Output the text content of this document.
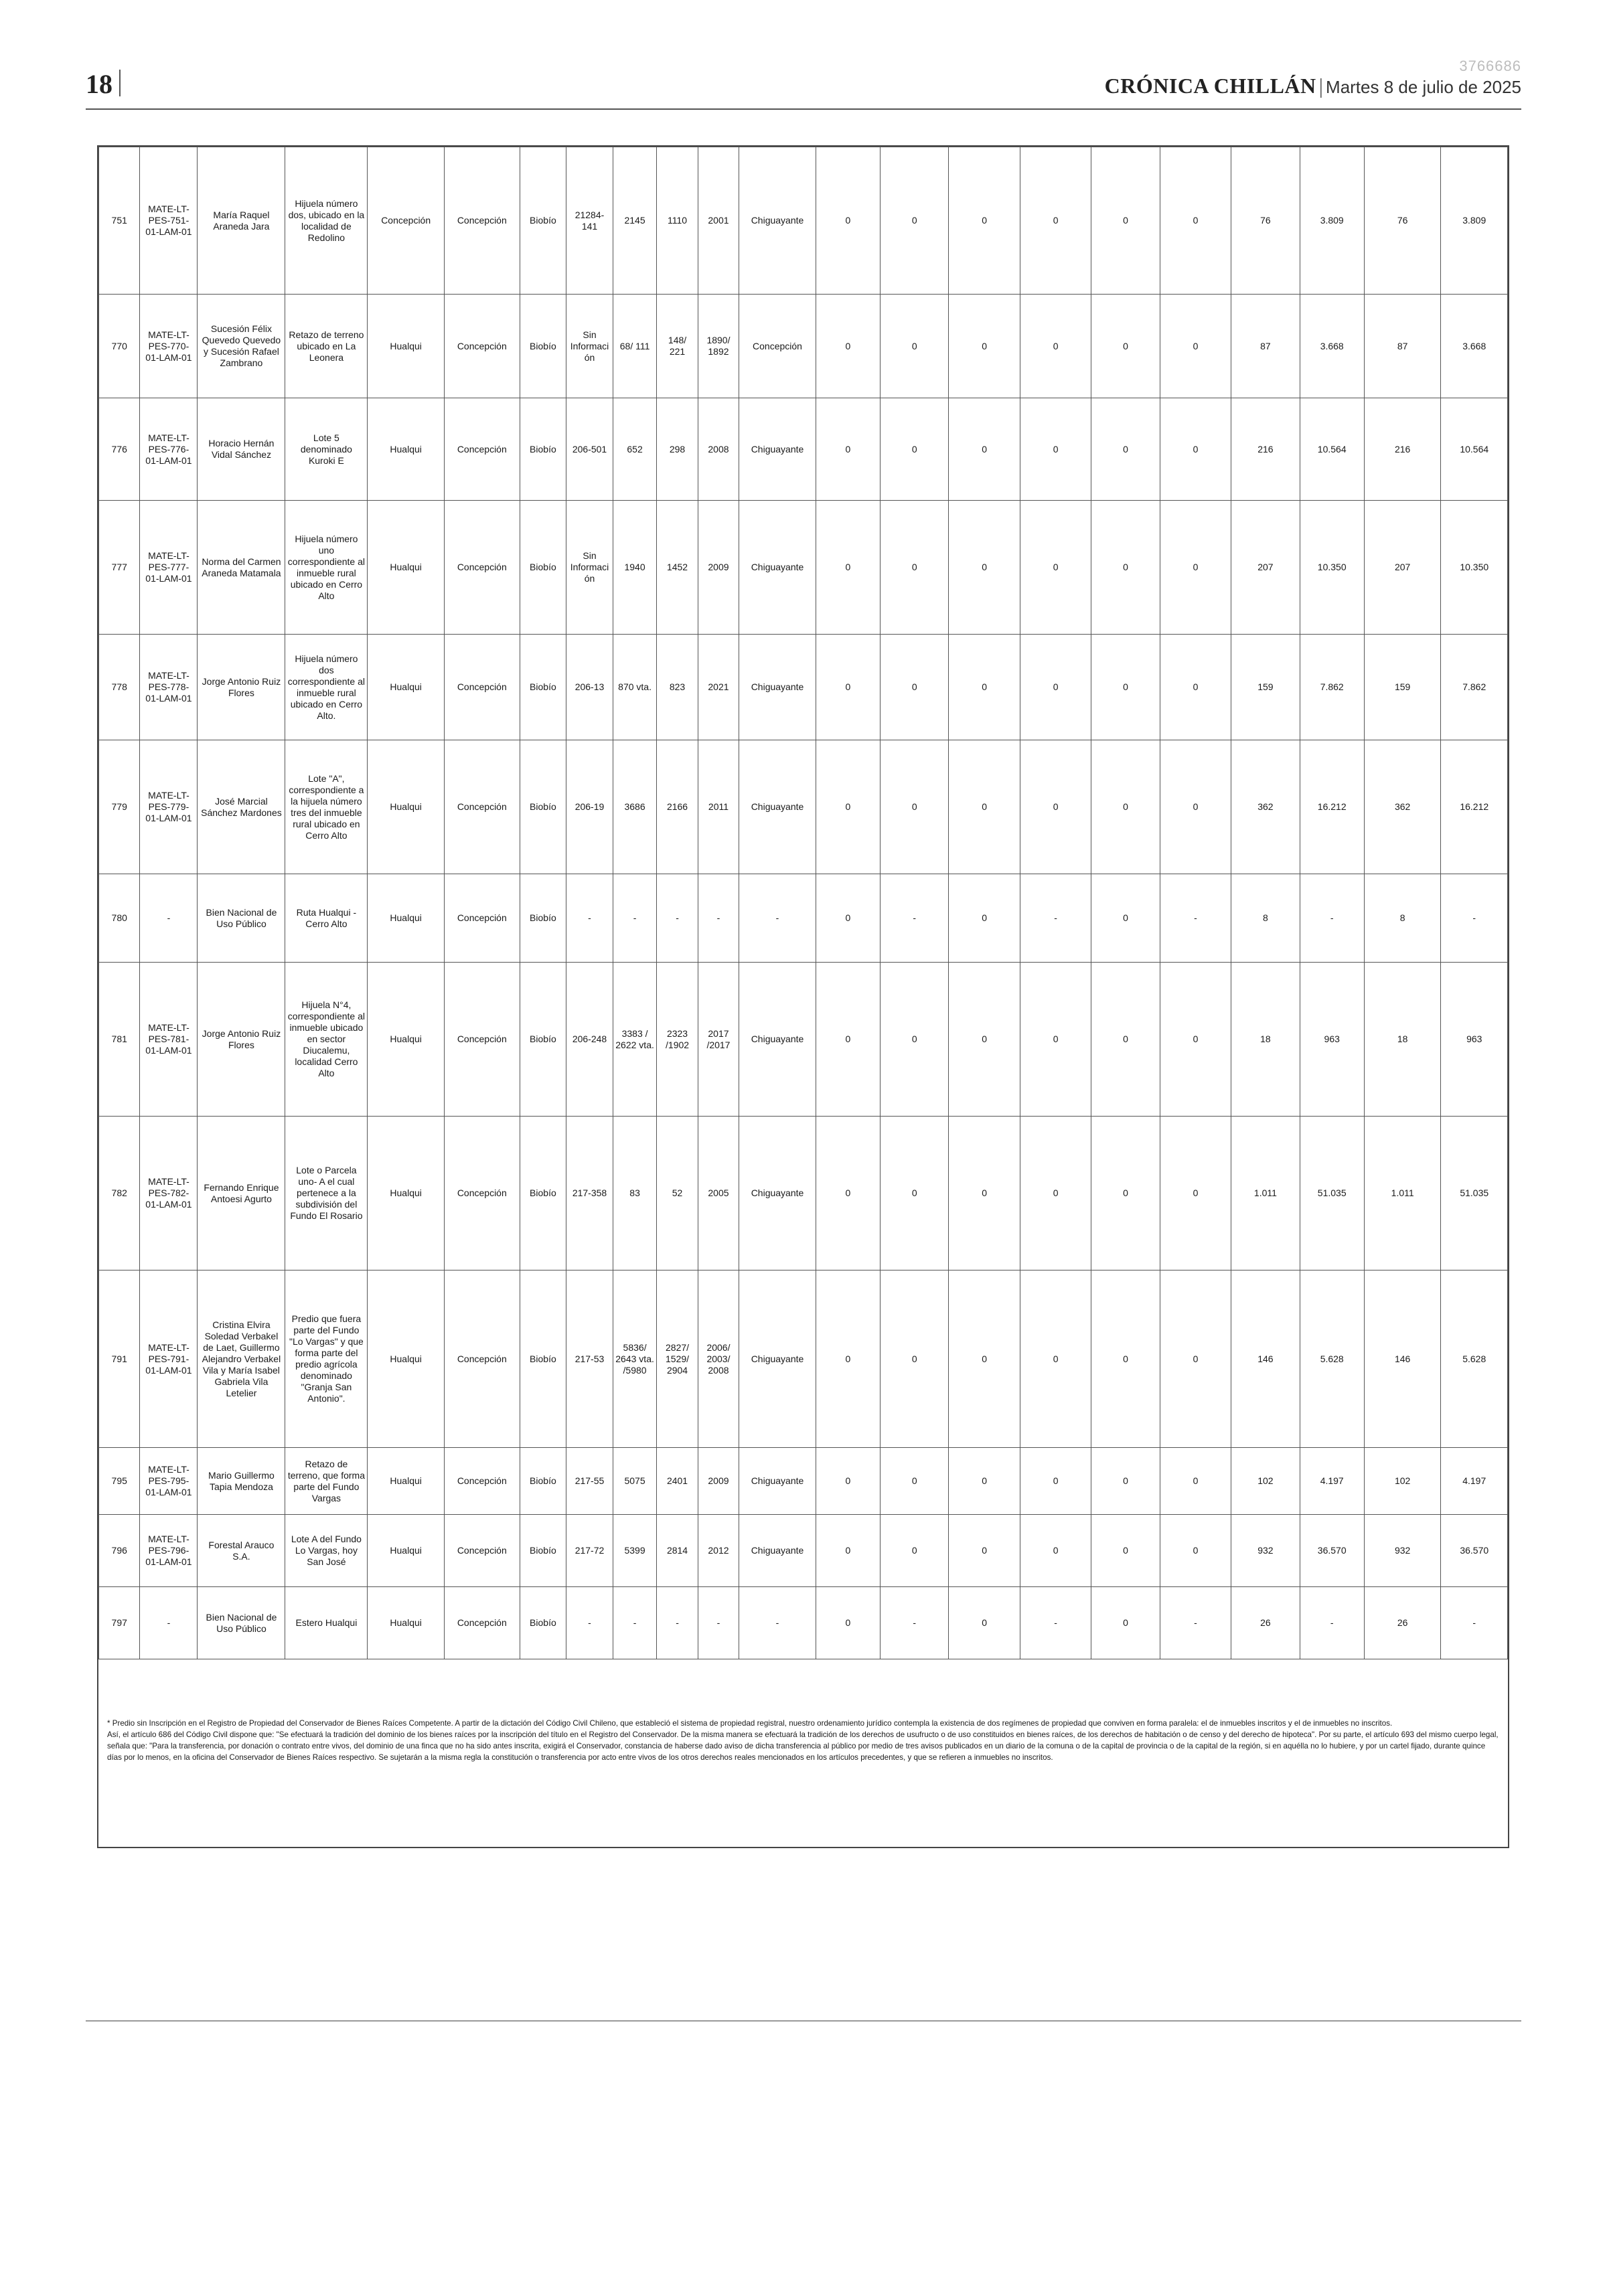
18
3766686
CRÓNICA CHILLÁN | Martes 8 de julio de 2025
751	MATE-LT-PES-751-01-LAM-01	María Raquel Araneda Jara	Hijuela número dos, ubicado en la localidad de Redolino	Concepción	Concepción	Biobío	21284-141	2145	1110	2001	Chiguayante	0	0	0	0	0	0	76	3.809	76	3.809
770	MATE-LT-PES-770-01-LAM-01	Sucesión Félix Quevedo Quevedo y Sucesión Rafael Zambrano	Retazo de terreno ubicado en La Leonera	Hualqui	Concepción	Biobío	Sin Información	68/ 111	148/ 221	1890/ 1892	Concepción	0	0	0	0	0	0	87	3.668	87	3.668
776	MATE-LT-PES-776-01-LAM-01	Horacio Hernán Vidal Sánchez	Lote 5 denominado Kuroki E	Hualqui	Concepción	Biobío	206-501	652	298	2008	Chiguayante	0	0	0	0	0	0	216	10.564	216	10.564
777	MATE-LT-PES-777-01-LAM-01	Norma del Carmen Araneda Matamala	Hijuela número uno correspondiente al inmueble rural ubicado en Cerro Alto	Hualqui	Concepción	Biobío	Sin Información	1940	1452	2009	Chiguayante	0	0	0	0	0	0	207	10.350	207	10.350
778	MATE-LT-PES-778-01-LAM-01	Jorge Antonio Ruiz Flores	Hijuela número dos correspondiente al inmueble rural ubicado en Cerro Alto.	Hualqui	Concepción	Biobío	206-13	870 vta.	823	2021	Chiguayante	0	0	0	0	0	0	159	7.862	159	7.862
779	MATE-LT-PES-779-01-LAM-01	José Marcial Sánchez Mardones	Lote "A", correspondiente a la hijuela número tres del inmueble rural ubicado en Cerro Alto	Hualqui	Concepción	Biobío	206-19	3686	2166	2011	Chiguayante	0	0	0	0	0	0	362	16.212	362	16.212
780	-	Bien Nacional de Uso Público	Ruta Hualqui - Cerro Alto	Hualqui	Concepción	Biobío	-	-	-	-	-	0	-	0	-	0	-	8	-	8	-
781	MATE-LT-PES-781-01-LAM-01	Jorge Antonio Ruiz Flores	Hijuela N°4, correspondiente al inmueble ubicado en sector Diucalemu, localidad Cerro Alto	Hualqui	Concepción	Biobío	206-248	3383 / 2622 vta.	2323 /1902	2017 /2017	Chiguayante	0	0	0	0	0	0	18	963	18	963
782	MATE-LT-PES-782-01-LAM-01	Fernando Enrique Antoesi Agurto	Lote o Parcela uno- A el cual pertenece a la subdivisión del Fundo El Rosario	Hualqui	Concepción	Biobío	217-358	83	52	2005	Chiguayante	0	0	0	0	0	0	1.011	51.035	1.011	51.035
791	MATE-LT-PES-791-01-LAM-01	Cristina Elvira Soledad Verbakel de Laet, Guillermo Alejandro Verbakel Vila y María Isabel Gabriela Vila Letelier	Predio que fuera parte del Fundo "Lo Vargas" y que forma parte del predio agrícola denominado "Granja San Antonio".	Hualqui	Concepción	Biobío	217-53	5836/ 2643 vta. /5980	2827/ 1529/ 2904	2006/ 2003/ 2008	Chiguayante	0	0	0	0	0	0	146	5.628	146	5.628
795	MATE-LT-PES-795-01-LAM-01	Mario Guillermo Tapia Mendoza	Retazo de terreno, que forma parte del Fundo Vargas	Hualqui	Concepción	Biobío	217-55	5075	2401	2009	Chiguayante	0	0	0	0	0	0	102	4.197	102	4.197
796	MATE-LT-PES-796-01-LAM-01	Forestal Arauco S.A.	Lote A del Fundo Lo Vargas, hoy San José	Hualqui	Concepción	Biobío	217-72	5399	2814	2012	Chiguayante	0	0	0	0	0	0	932	36.570	932	36.570
797	-	Bien Nacional de Uso Público	Estero Hualqui	Hualqui	Concepción	Biobío	-	-	-	-	-	0	-	0	-	0	-	26	-	26	-

* Predio sin Inscripción en el Registro de Propiedad del Conservador de Bienes Raíces Competente. A partir de la dictación del Código Civil Chileno, que estableció el sistema de propiedad registral, nuestro ordenamiento jurídico contempla la existencia de dos regímenes de propiedad que conviven en forma paralela: el de inmuebles inscritos y el de inmuebles no inscritos.

Así, el artículo 686 del Código Civil dispone que: "Se efectuará la tradición del dominio de los bienes raíces por la inscripción del título en el Registro del Conservador. De la misma manera se efectuará la tradición de los derechos de usufructo o de uso constituidos en bienes raíces, de los derechos de habitación o de censo y del derecho de hipoteca". Por su parte, el artículo 693 del mismo cuerpo legal, señala que: "Para la transferencia, por donación o contrato entre vivos, del dominio de una finca que no ha sido antes inscrita, exigirá el Conservador, constancia de haberse dado aviso de dicha transferencia al público por medio de tres avisos publicados en un diario de la comuna o de la capital de provincia o de la capital de la región, si en aquélla no lo hubiere, y por un cartel fijado, durante quince días por lo menos, en la oficina del Conservador de Bienes Raíces respectivo. Se sujetarán a la misma regla la constitución o transferencia por acto entre vivos de los otros derechos reales mencionados en los artículos precedentes, y que se refieren a inmuebles no inscritos.
